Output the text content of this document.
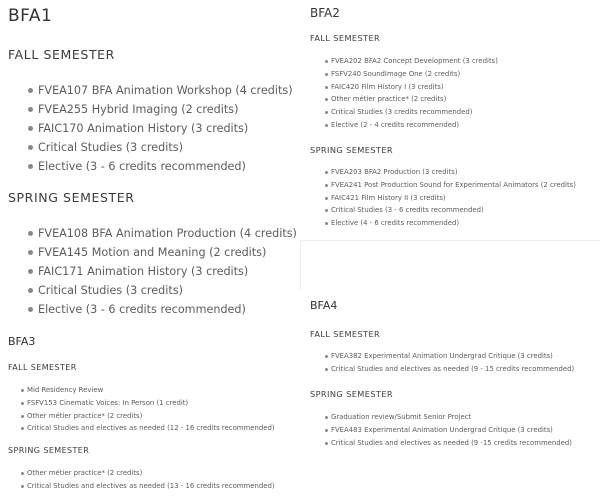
BFA1
FALL SEMESTER
FVEA107 BFA Animation Workshop (4 credits)
FVEA255 Hybrid Imaging (2 credits)
FAIC170 Animation History (3 credits)
Critical Studies (3 credits)
Elective (3 - 6 credits recommended)
SPRING SEMESTER
FVEA108 BFA Animation Production (4 credits)
FVEA145 Motion and Meaning (2 credits)
FAIC171 Animation History (3 credits)
Critical Studies (3 credits)
Elective (3 - 6 credits recommended)
BFA2
FALL SEMESTER
FVEA202 BFA2 Concept Development (3 credits)
FSFV240 SoundImage One (2 credits)
FAIC420 Film History I (3 credits)
Other métier practice* (2 credits)
Critical Studies (3 credits recommended)
Elective (2 - 4 credits recommended)
SPRING SEMESTER
FVEA203 BFA2 Production (3 credits)
FVEA241 Post Production Sound for Experimental Animators (2 credits)
FAIC421 Film History II (3 credits)
Critical Studies (3 - 6 credits recommended)
Elective (4 - 6 credits recommended)
BFA3
FALL SEMESTER
Mid Residency Review
FSFV153 Cinematic Voices: In Person (1 credit)
Other métier practice* (2 credits)
Critical Studies and electives as needed (12 - 16 credits recommended)
SPRING SEMESTER
Other métier practice* (2 credits)
Critical Studies and electives as needed (13 - 16 credits recommended)
BFA4
FALL SEMESTER
FVEA382 Experimental Animation Undergrad Critique (3 credits)
Critical Studies and electives as needed (9 - 15 credits recommended)
SPRING SEMESTER
Graduation review/Submit Senior Project
FVEA483 Experimental Animation Undergrad Critique (3 credits)
Critical Studies and electives as needed (9 -15 credits recommended)
